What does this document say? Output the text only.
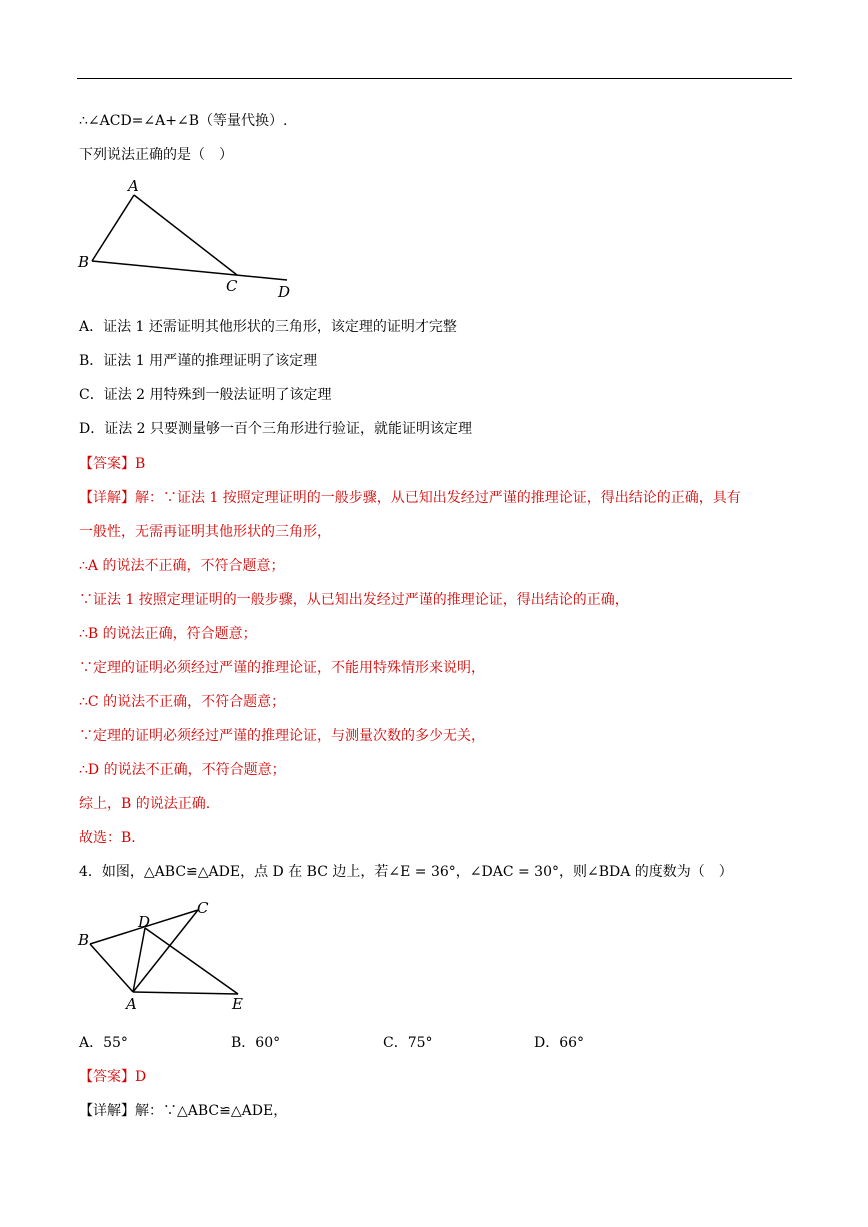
∴∠ACD=∠A+∠B（等量代换）.
下列说法正确的是（　）
A
B
C	D
A．证法 1 还需证明其他形状的三角形，该定理的证明才完整
B．证法 1 用严谨的推理证明了该定理
C．证法 2 用特殊到一般法证明了该定理
D．证法 2 只要测量够一百个三角形进行验证，就能证明该定理
【答案】B
【详解】解：∵证法 1 按照定理证明的一般步骤，从已知出发经过严谨的推理论证，得出结论的正确，具有
一般性，无需再证明其他形状的三角形，
∴A 的说法不正确，不符合题意；
∵证法 1 按照定理证明的一般步骤，从已知出发经过严谨的推理论证，得出结论的正确，
∴B 的说法正确，符合题意；
∵定理的证明必须经过严谨的推理论证，不能用特殊情形来说明，
∴C 的说法不正确，不符合题意；
∵定理的证明必须经过严谨的推理论证，与测量次数的多少无关，
∴D 的说法不正确，不符合题意；
综上，B 的说法正确.
故选：B.
4．如图，△ABC≌△ADE，点 D 在 BC 边上，若∠E = 36°，∠DAC = 30°，则∠BDA 的度数为（　）
A
B
C
D
E
A．55°	B．60°	C．75°	D．66°
【答案】D
【详解】解：∵△ABC≌△ADE，
